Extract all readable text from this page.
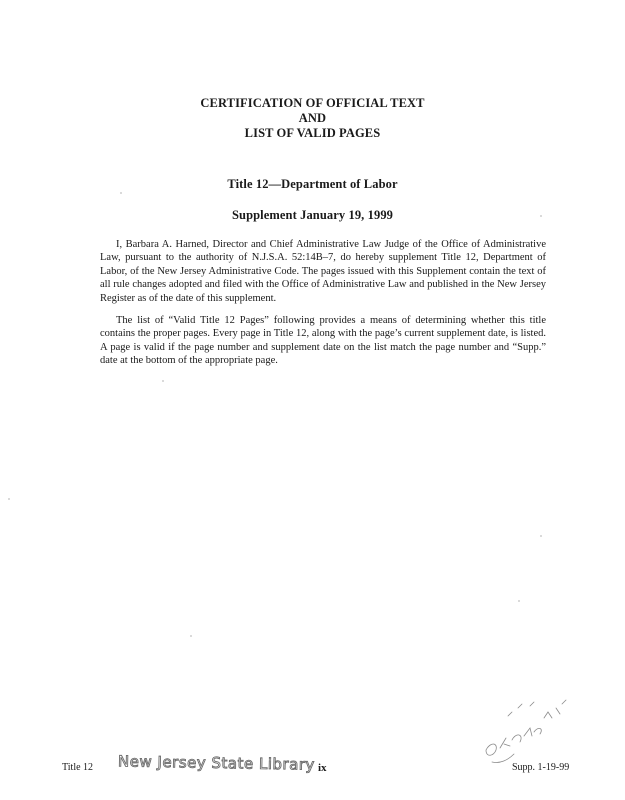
CERTIFICATION OF OFFICIAL TEXT
AND
LIST OF VALID PAGES
Title 12—Department of Labor
Supplement January 19, 1999

I, Barbara A. Harned, Director and Chief Administrative Law Judge of the Office of Administrative Law, pursuant to the authority of N.J.S.A. 52:14B–7, do hereby supplement Title 12, Department of Labor, of the New Jersey Administrative Code. The pages issued with this Supplement contain the text of all rule changes adopted and filed with the Office of Administrative Law and published in the New Jersey Register as of the date of this supplement.

The list of “Valid Title 12 Pages” following provides a means of determining whether this title contains the proper pages. Every page in Title 12, along with the page’s current supplement date, is listed. A page is valid if the page number and supplement date on the list match the page number and “Supp.” date at the bottom of the appropriate page.

Title 12 New Jersey State Library ix	Supp. 1-19-99
